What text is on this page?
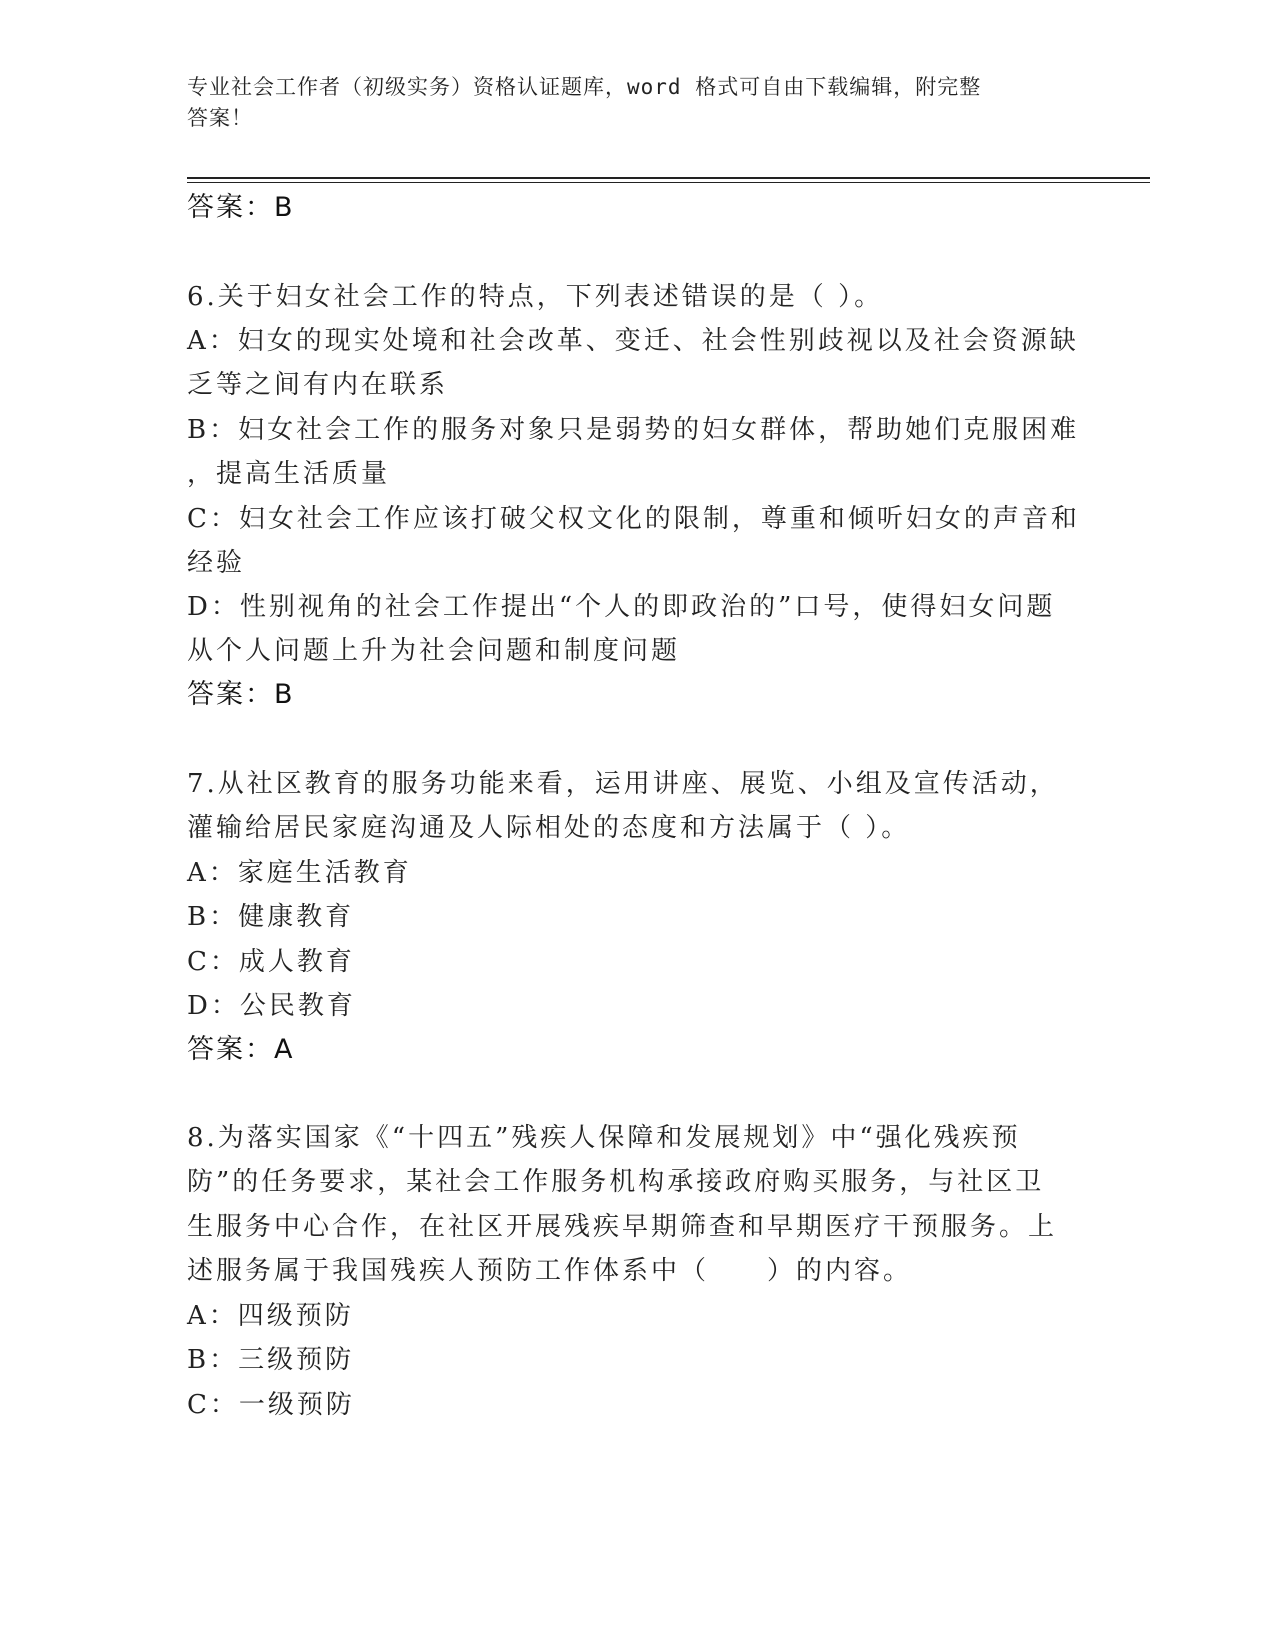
专业社会工作者（初级实务）资格认证题库，word 格式可自由下载编辑，附完整
答案！
答案：B
6.关于妇女社会工作的特点，下列表述错误的是（ ）。
A：妇女的现实处境和社会改革、变迁、社会性别歧视以及社会资源缺
乏等之间有内在联系
B：妇女社会工作的服务对象只是弱势的妇女群体，帮助她们克服困难
，提高生活质量
C：妇女社会工作应该打破父权文化的限制，尊重和倾听妇女的声音和
经验
D：性别视角的社会工作提出“个人的即政治的”口号，使得妇女问题
从个人问题上升为社会问题和制度问题
答案：B
7.从社区教育的服务功能来看，运用讲座、展览、小组及宣传活动，
灌输给居民家庭沟通及人际相处的态度和方法属于（ ）。
A：家庭生活教育
B：健康教育
C：成人教育
D：公民教育
答案：A
8.为落实国家《“十四五”残疾人保障和发展规划》中“强化残疾预
防”的任务要求，某社会工作服务机构承接政府购买服务，与社区卫
生服务中心合作，在社区开展残疾早期筛查和早期医疗干预服务。上
述服务属于我国残疾人预防工作体系中（　　）的内容。
A：四级预防
B：三级预防
C：一级预防
